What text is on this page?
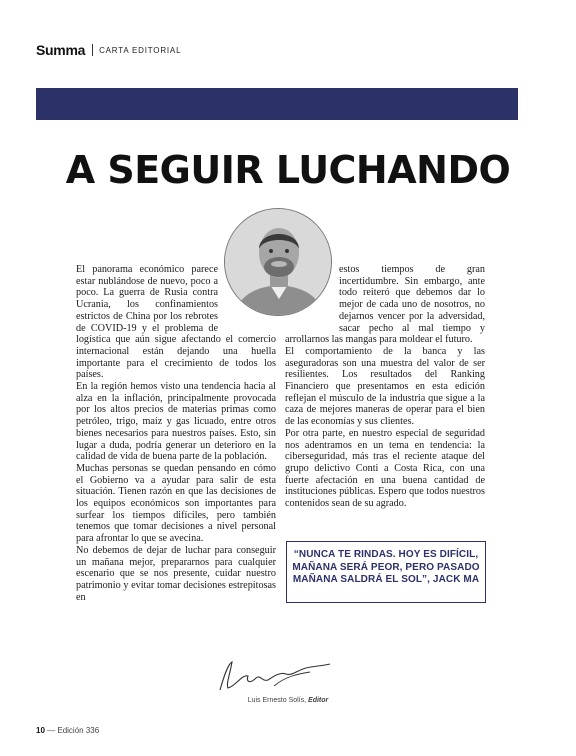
Summa CARTA EDITORIAL
A SEGUIR LUCHANDO

El panorama económico parece estar nublándose de nuevo, poco a poco. La guerra de Rusia contra Ucrania, los confinamientos estrictos de China por los rebrotes de COVID-19 y el problema de logística que aún sigue afectando el comercio internacional están dejando una huella importante para el crecimiento de todos los países.

En la región hemos visto una tendencia hacia al alza en la inflación, principalmente provocada por los altos precios de materias primas como petróleo, trigo, maíz y gas licuado, entre otros bienes necesarios para nuestros países. Esto, sin lugar a duda, podría generar un deterioro en la calidad de vida de buena parte de la población.

Muchas personas se quedan pensando en cómo el Gobierno va a ayudar para salir de esta situación. Tienen razón en que las decisiones de los equipos económicos son importantes para surfear los tiempos difíciles, pero también tenemos que tomar decisiones a nivel personal para afrontar lo que se avecina.

No debemos de dejar de luchar para conseguir un mañana mejor, prepararnos para cualquier escenario que se nos presente, cuidar nuestro patrimonio y evitar tomar decisiones estrepitosas en

estos tiempos de gran incertidumbre. Sin embargo, ante todo reiteró que debemos dar lo mejor de cada uno de nosotros, no dejarnos vencer por la adversidad, sacar pecho al mal tiempo y arrollarnos las mangas para moldear el futuro.

El comportamiento de la banca y las aseguradoras son una muestra del valor de ser resilientes. Los resultados del Ranking Financiero que presentamos en esta edición reflejan el músculo de la industria que sigue a la caza de mejores maneras de operar para el bien de las economías y sus clientes.

Por otra parte, en nuestro especial de seguridad nos adentramos en un tema en tendencia: la ciberseguridad, más tras el reciente ataque del grupo delictivo Conti a Costa Rica, con una fuerte afectación en una buena cantidad de instituciones públicas. Espero que todos nuestros contenidos sean de su agrado.

“NUNCA TE RINDAS. HOY ES DIFÍCIL, MAÑANA SERÁ PEOR, PERO PASADO MAÑANA SALDRÁ EL SOL”, JACK MA
Luis Ernesto Solís, Editor
10 — Edición 336
